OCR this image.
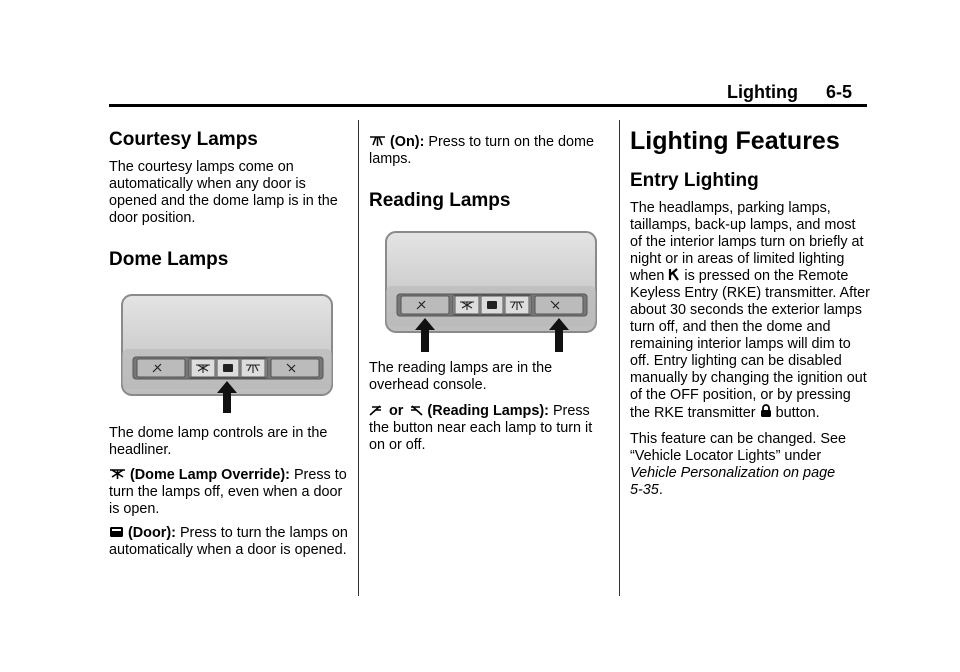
Lighting 6-5
Courtesy Lamps

The courtesy lamps come on automatically when any door is opened and the dome lamp is in the door position.

Dome Lamps

The dome lamp controls are in the headliner.

(Dome Lamp Override): Press to turn the lamps off, even when a door is open.

(Door): Press to turn the lamps on automatically when a door is opened.

(On): Press to turn on the dome lamps.

Reading Lamps

The reading lamps are in the overhead console.

or (Reading Lamps): Press the button near each lamp to turn it on or off.

Lighting Features
Entry Lighting

The headlamps, parking lamps, taillamps, back-up lamps, and most of the interior lamps turn on briefly at night or in areas of limited lighting when is pressed on the Remote Keyless Entry (RKE) transmitter. After about 30 seconds the exterior lamps turn off, and then the dome and remaining interior lamps will dim to off. Entry lighting can be disabled manually by changing the ignition out of the OFF position, or by pressing the RKE transmitter button.

This feature can be changed. See “Vehicle Locator Lights” under Vehicle Personalization on page 5‑35.
